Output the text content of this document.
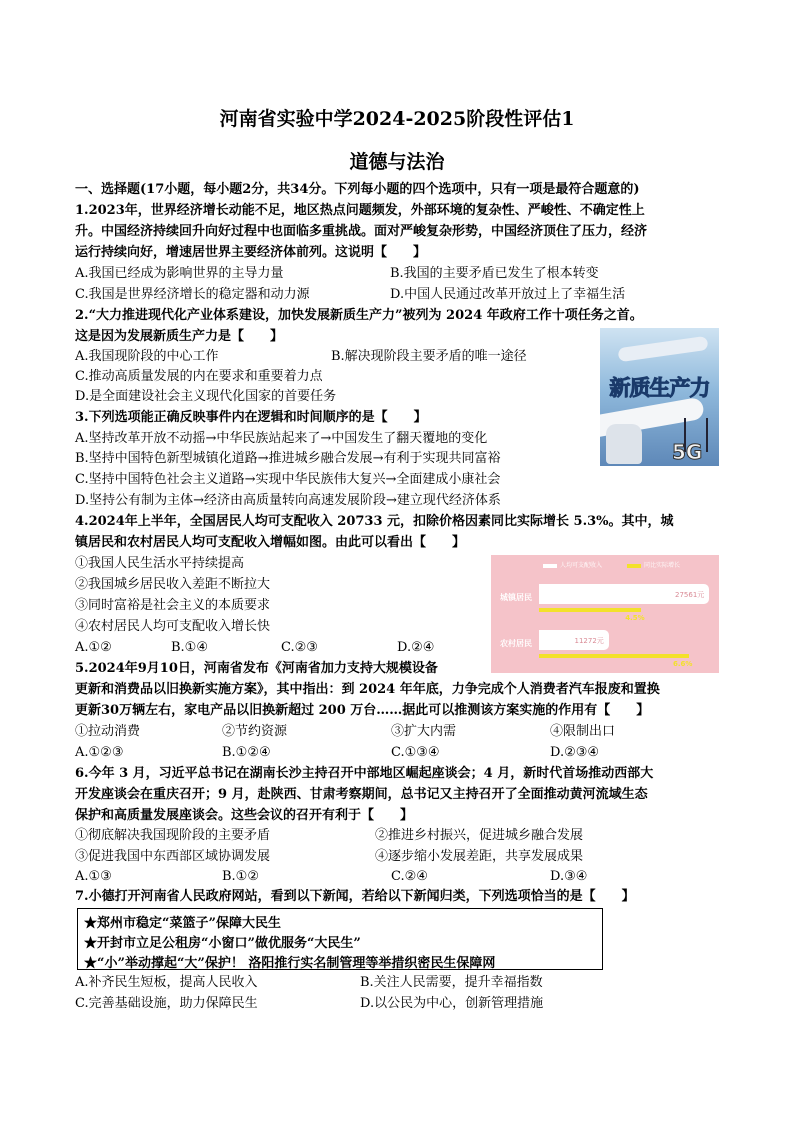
河南省实验中学2024-2025阶段性评估1
道德与法治
一、选择题(17小题，每小题2分，共34分。下列每小题的四个选项中，只有一项是最符合题意的)
1.2023年，世界经济增长动能不足，地区热点问题频发，外部环境的复杂性、严峻性、不确定性上
升。中国经济持续回升向好过程中也面临多重挑战。面对严峻复杂形势，中国经济顶住了压力，经济
运行持续向好，增速居世界主要经济体前列。这说明【　　】
A.我国已经成为影响世界的主导力量	B.我国的主要矛盾已发生了根本转变
C.我国是世界经济增长的稳定器和动力源	D.中国人民通过改革开放过上了幸福生活
2.“大力推进现代化产业体系建设，加快发展新质生产力”被列为 2024 年政府工作十项任务之首。
这是因为发展新质生产力是【　　】
A.我国现阶段的中心工作	B.解决现阶段主要矛盾的唯一途径
C.推动高质量发展的内在要求和重要着力点
D.是全面建设社会主义现代化国家的首要任务	新质生产力
5G
3.下列选项能正确反映事件内在逻辑和时间顺序的是【　　】
A.坚持改革开放不动摇→中华民族站起来了→中国发生了翻天覆地的变化
B.坚持中国特色新型城镇化道路→推进城乡融合发展→有利于实现共同富裕
C.坚持中国特色社会主义道路→实现中华民族伟大复兴→全面建成小康社会
D.坚持公有制为主体→经济由高质量转向高速发展阶段→建立现代经济体系
4.2024年上半年，全国居民人均可支配收入 20733 元，扣除价格因素同比实际增长 5.3%。其中，城
镇居民和农村居民人均可支配收入增幅如图。由此可以看出【　　】
①我国人民生活水平持续提高
②我国城乡居民收入差距不断拉大
③同时富裕是社会主义的本质要求
④农村居民人均可支配收入增长快
A.①②	B.①④	C.②③	D.②④
人均可支配收入	同比实际增长
城镇居民
农村居民
27561元
4.5%
11272元
6.6%
5.2024年9月10日，河南省发布《河南省加力支持大规模设备
更新和消费品以旧换新实施方案》，其中指出：到 2024 年年底，力争完成个人消费者汽车报废和置换
更新30万辆左右，家电产品以旧换新超过 200 万台……据此可以推测该方案实施的作用有【　　】
①拉动消费	②节约资源	③扩大内需	④限制出口
A.①②③	B.①②④	C.①③④	D.②③④
6.今年 3 月，习近平总书记在湖南长沙主持召开中部地区崛起座谈会；4 月，新时代首场推动西部大
开发座谈会在重庆召开；9 月，赴陕西、甘肃考察期间，总书记又主持召开了全面推动黄河流域生态
保护和高质量发展座谈会。这些会议的召开有利于【　　】
①彻底解决我国现阶段的主要矛盾	②推进乡村振兴，促进城乡融合发展
③促进我国中东西部区域协调发展	④逐步缩小发展差距，共享发展成果
A.①③	B.①②	C.②④	D.③④
7.小德打开河南省人民政府网站，看到以下新闻，若给以下新闻归类，下列选项恰当的是【　　】
★郑州市稳定“菜篮子”保障大民生
★开封市立足公租房“小窗口”做优服务“大民生”
★“小”举动撑起“大”保护！ 洛阳推行实名制管理等举措织密民生保障网
A.补齐民生短板，提高人民收入	B.关注人民需要，提升幸福指数
C.完善基础设施，助力保障民生	D.以公民为中心，创新管理措施
